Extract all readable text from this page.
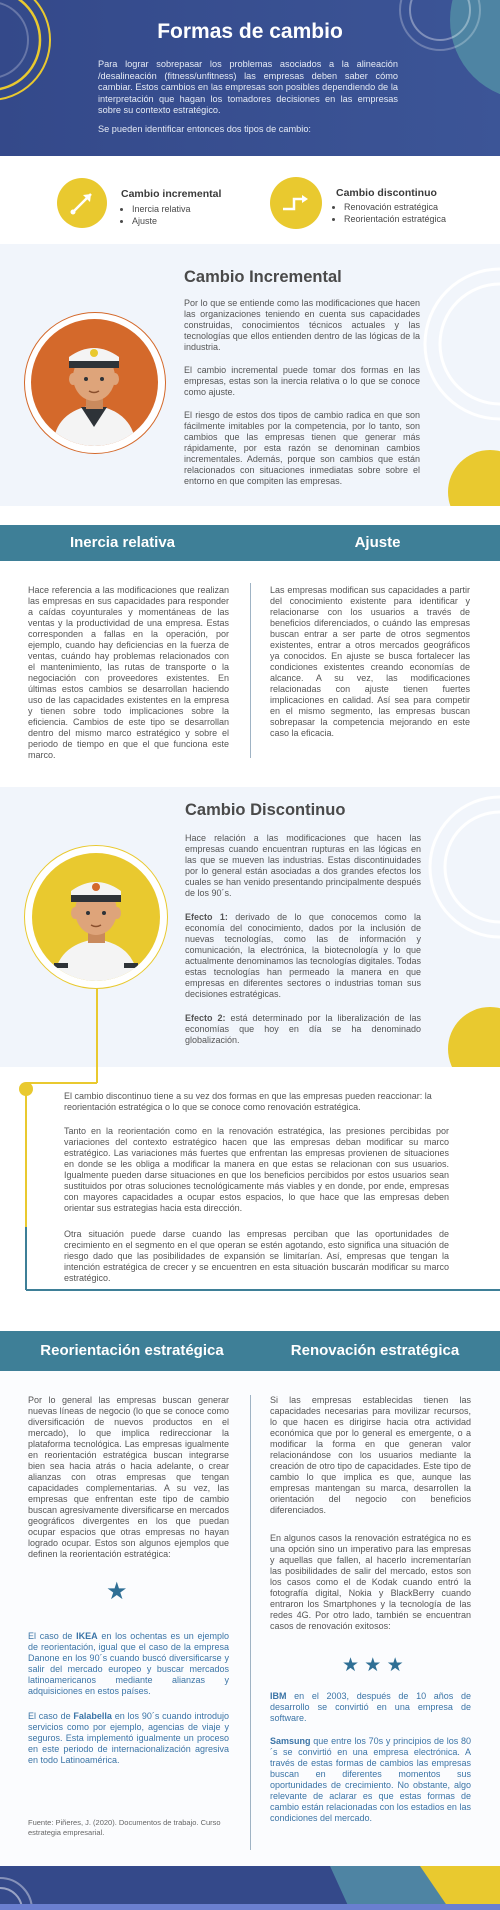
Formas de cambio
Para lograr sobrepasar los problemas asociados a la alineación /desalineación (fitness/unfitness) las empresas deben saber cómo cambiar. Estos cambios en las empresas son posibles dependiendo de la interpretación que hagan los tomadores decisiones en las empresas sobre su contexto estratégico.
Se pueden identificar entonces dos tipos de cambio:
Cambio incremental
• Inercia relativa
• Ajuste
Cambio discontinuo
• Renovación estratégica
• Reorientación estratégica
Cambio Incremental
Por lo que se entiende como las modificaciones que hacen las organizaciones teniendo en cuenta sus capacidades construidas, conocimientos técnicos actuales y las tecnologías que ellos entienden dentro de las lógicas de la industria.
El cambio incremental puede tomar dos formas en las empresas, estas son la inercia relativa o lo que se conoce como ajuste.
El riesgo de estos dos tipos de cambio radica en que son fácilmente imitables por la competencia, por lo tanto, son cambios que las empresas tienen que generar más rápidamente, por esta razón se denominan cambios incrementales. Además, porque son cambios que están relacionados con situaciones inmediatas sobre sobre el entorno en que compiten las empresas.
Inercia relativa	Ajuste
Hace referencia a las modificaciones que realizan las empresas en sus capacidades para responder a caídas coyunturales y momentáneas de las ventas y la productividad de una empresa. Estas corresponden a fallas en la operación, por ejemplo, cuando hay deficiencias en la fuerza de ventas, cuándo hay problemas relacionados con el mantenimiento, las rutas de transporte o la negociación con proveedores existentes. En últimas estos cambios se desarrollan haciendo uso de las capacidades existentes en la empresa y tienen sobre todo implicaciones sobre la eficiencia. Cambios de este tipo se desarrollan dentro del mismo marco estratégico y sobre el periodo de tiempo en que el que funciona este marco.
Las empresas modifican sus capacidades a partir del conocimiento existente para identificar y relacionarse con los usuarios a través de beneficios diferenciados, o cuándo las empresas buscan entrar a ser parte de otros segmentos existentes, entrar a otros mercados geográficos ya conocidos. En ajuste se busca fortalecer las condiciones existentes creando economías de alcance. A su vez, las modificaciones relacionadas con ajuste tienen fuertes implicaciones en calidad. Así sea para competir en el mismo segmento, las empresas buscan sobrepasar la competencia mejorando en este caso la eficacia.
Cambio Discontinuo
Hace relación a las modificaciones que hacen las empresas cuando encuentran rupturas en las lógicas en las que se mueven las industrias. Estas discontinuidades por lo general están asociadas a dos grandes efectos los cuales se han venido presentando principalmente después de los 90´s.
Efecto 1: derivado de lo que conocemos como la economía del conocimiento, dados por la inclusión de nuevas tecnologías, como las de información y comunicación, la electrónica, la biotecnología y lo que actualmente denominamos las tecnologías digitales. Todas estas tecnologías han permeado la manera en que empresas en diferentes sectores o industrias toman sus decisiones estratégicas.
Efecto 2: está determinado por la liberalización de las economías que hoy en día se ha denominado globalización.
El cambio discontinuo tiene a su vez dos formas en que las empresas pueden reaccionar: la reorientación estratégica o lo que se conoce como renovación estratégica.
Tanto en la reorientación como en la renovación estratégica, las presiones percibidas por variaciones del contexto estratégico hacen que las empresas deban modificar su marco estratégico. Las variaciones más fuertes que enfrentan las empresas provienen de situaciones en donde se les obliga a modificar la manera en que estas se relacionan con sus usuarios. Igualmente pueden darse situaciones en que los beneficios percibidos por estos usuarios sean sustituidos por otras soluciones tecnológicamente más viables y en donde, por ende, empresas con mayores capacidades a ocupar estos espacios, lo que hace que las empresas deben orientar sus estrategias hacia esta dirección.
Otra situación puede darse cuando las empresas perciban que las oportunidades de crecimiento en el segmento en el que operan se estén agotando, esto significa una situación de riesgo dado que las posibilidades de expansión se limitarían. Así, empresas que tengan la intención estratégica de crecer y se encuentren en esta situación buscarán modificar su marco estratégico.
Reorientación estratégica	Renovación estratégica
Por lo general las empresas buscan generar nuevas líneas de negocio (lo que se conoce como diversificación de nuevos productos en el mercado), lo que implica redireccionar la plataforma tecnológica. Las empresas igualmente en reorientación estratégica buscan integrarse bien sea hacia atrás o hacia adelante, o crear alianzas con otras empresas que tengan capacidades complementarias. A su vez, las empresas que enfrentan este tipo de cambio buscan agresivamente diversificarse en mercados geográficos divergentes en los que puedan ocupar espacios que otras empresas no hayan logrado ocupar. Estos son algunos ejemplos que definen la reorientación estratégica:
★
El caso de IKEA en los ochentas es un ejemplo de reorientación, igual que el caso de la empresa Danone en los 90´s cuando buscó diversificarse y salir del mercado europeo y buscar mercados latinoamericanos mediante alianzas y adquisiciones en estos países.
El caso de Falabella en los 90´s cuando introdujo servicios como por ejemplo, agencias de viaje y seguros. Esta implementó igualmente un proceso en este periodo de internacionalización agresiva en todo Latinoamérica.
Fuente: Piñeres, J. (2020). Documentos de trabajo. Curso estrategia empresarial.
Si las empresas establecidas tienen las capacidades necesarias para movilizar recursos, lo que hacen es dirigirse hacia otra actividad económica que por lo general es emergente, o a modificar la forma en que generan valor relacionándose con los usuarios mediante la creación de otro tipo de capacidades. Este tipo de cambio lo que implica es que, aunque las empresas mantengan su marca, desarrollen la orientación del negocio con beneficios diferenciados.
En algunos casos la renovación estratégica no es una opción sino un imperativo para las empresas y aquellas que fallen, al hacerlo incrementarían las posibilidades de salir del mercado, estos son los casos como el de Kodak cuando entró la fotografía digital, Nokia y BlackBerry cuando entraron los Smartphones y la tecnología de las redes 4G. Por otro lado, también se encuentran casos de renovación exitosos:
★ ★ ★
IBM en el 2003, después de 10 años de desarrollo se convirtió en una empresa de software.
Samsung que entre los 70s y principios de los 80´s se convirtió en una empresa electrónica. A través de estas formas de cambios las empresas buscan en diferentes momentos sus oportunidades de crecimiento. No obstante, algo relevante de aclarar es que estas formas de cambio están relacionadas con los estadios en las condiciones del mercado.
